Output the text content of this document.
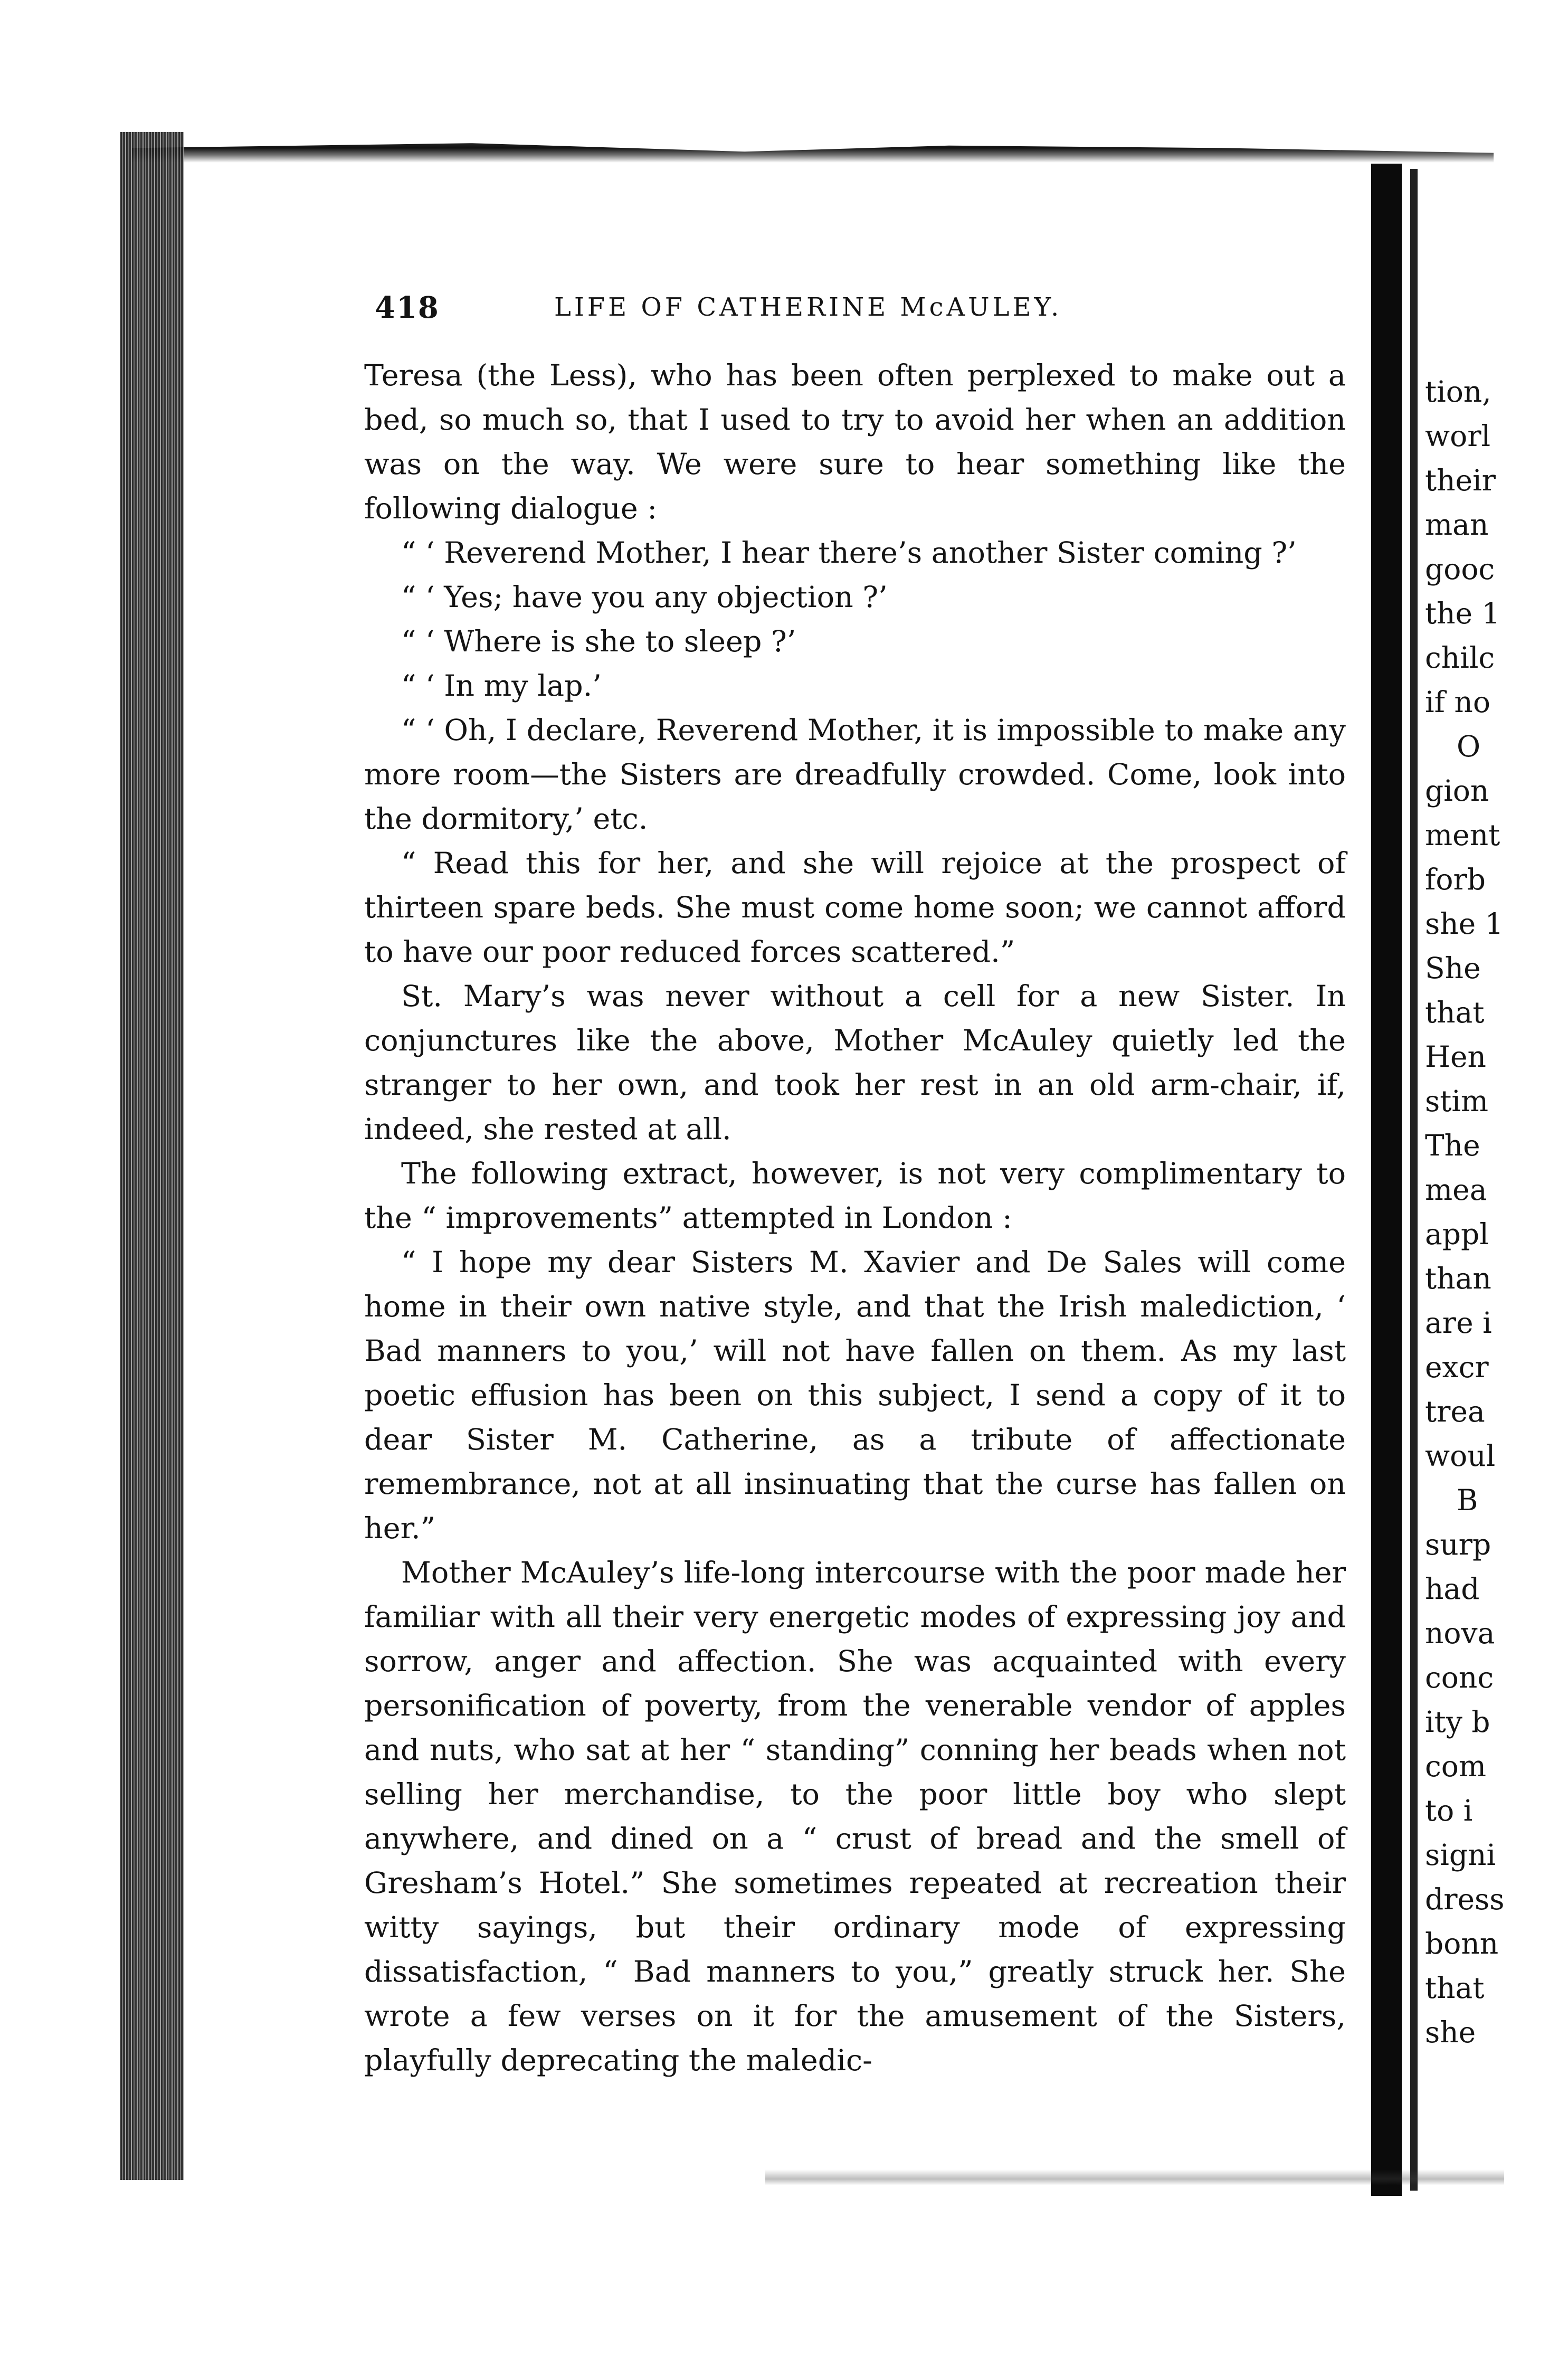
418	LIFE OF CATHERINE McAULEY.

Teresa (the Less), who has been often perplexed to make out a bed, so much so, that I used to try to avoid her when an addition was on the way. We were sure to hear something like the following dialogue :

“ ‘ Reverend Mother, I hear there’s another Sister coming ?’

“ ‘ Yes; have you any objection ?’

“ ‘ Where is she to sleep ?’

“ ‘ In my lap.’

“ ‘ Oh, I declare, Reverend Mother, it is impossible to make any more room—the Sisters are dreadfully crowded. Come, look into the dormitory,’ etc.

“ Read this for her, and she will rejoice at the prospect of thirteen spare beds. She must come home soon; we cannot afford to have our poor reduced forces scattered.”

St. Mary’s was never without a cell for a new Sister. In conjunctures like the above, Mother McAuley quietly led the stranger to her own, and took her rest in an old arm-chair, if, indeed, she rested at all.

The following extract, however, is not very complimentary to the “ improvements” attempted in London :

“ I hope my dear Sisters M. Xavier and De Sales will come home in their own native style, and that the Irish malediction, ‘ Bad manners to you,’ will not have fallen on them. As my last poetic effusion has been on this subject, I send a copy of it to dear Sister M. Catherine, as a tribute of affectionate remembrance, not at all insinuating that the curse has fallen on her.”

Mother McAuley’s life-long intercourse with the poor made her familiar with all their very energetic modes of expressing joy and sorrow, anger and affection. She was acquainted with every personification of poverty, from the venerable vendor of apples and nuts, who sat at her “ standing” conning her beads when not selling her merchandise, to the poor little boy who slept anywhere, and dined on a “ crust of bread and the smell of Gresham’s Hotel.” She sometimes repeated at recreation their witty sayings, but their ordinary mode of expressing dissatisfaction, “ Bad manners to you,” greatly struck her. She wrote a few verses on it for the amusement of the Sisters, playfully deprecating the maledic-

tion,
worl
their
man
gooc
the 1
chilc
if no
O
gion
ment
forb
she 1
She
that
Hen
stim
The
mea
appl
than
are i
excr
trea
woul
B
surp
had
nova
conc
ity b
com
to i
signi
dress
bonn
that
she
